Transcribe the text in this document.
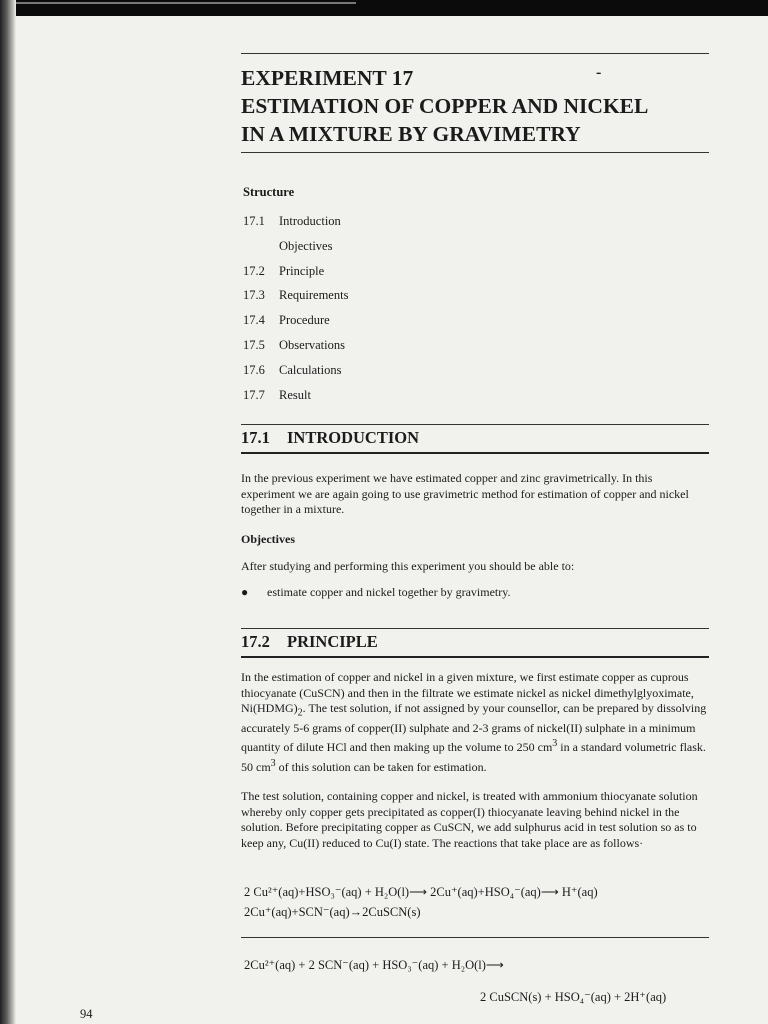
-
EXPERIMENT 17
ESTIMATION OF COPPER AND NICKEL
IN A MIXTURE BY GRAVIMETRY
Structure
17.1	Introduction
Objectives
17.2	Principle
17.3	Requirements
17.4	Procedure
17.5	Observations
17.6	Calculations
17.7	Result
17.1 INTRODUCTION

In the previous experiment we have estimated copper and zinc gravimetrically. In this experiment we are again going to use gravimetric method for estimation of copper and nickel together in a mixture.

Objectives

After studying and performing this experiment you should be able to:

●	estimate copper and nickel together by gravimetry.
17.2 PRINCIPLE

In the estimation of copper and nickel in a given mixture, we first estimate copper as cuprous thiocyanate (CuSCN) and then in the filtrate we estimate nickel as nickel dimethylglyoximate, $Ni(HDMG)_2$. The test solution, if not assigned by your counsellor, can be prepared by dissolving accurately 5-6 grams of copper(II) sulphate and 2-3 grams of nickel(II) sulphate in a minimum quantity of dilute HCl and then making up the volume to 250 $cm^3$ in a standard volumetric flask. 50 $cm^3$ of this solution can be taken for estimation.

The test solution, containing copper and nickel, is treated with ammonium thiocyanate solution whereby only copper gets precipitated as copper(I) thiocyanate leaving behind nickel in the solution. Before precipitating copper as CuSCN, we add sulphurus acid in test solution so as to keep any, Cu(II) reduced to Cu(I) state. The reactions that take place are as follows·

2 Cu²⁺(aq)+HSO₃⁻(aq) + H₂O(l)⟶ 2Cu⁺(aq)+HSO₄⁻(aq)⟶ H⁺(aq)
2Cu⁺(aq)+SCN⁻(aq)→2CuSCN(s)
2Cu²⁺(aq) + 2 SCN⁻(aq) + HSO₃⁻(aq) + H₂O(l)⟶
2 CuSCN(s) + HSO₄⁻(aq) + 2H⁺(aq)
94
